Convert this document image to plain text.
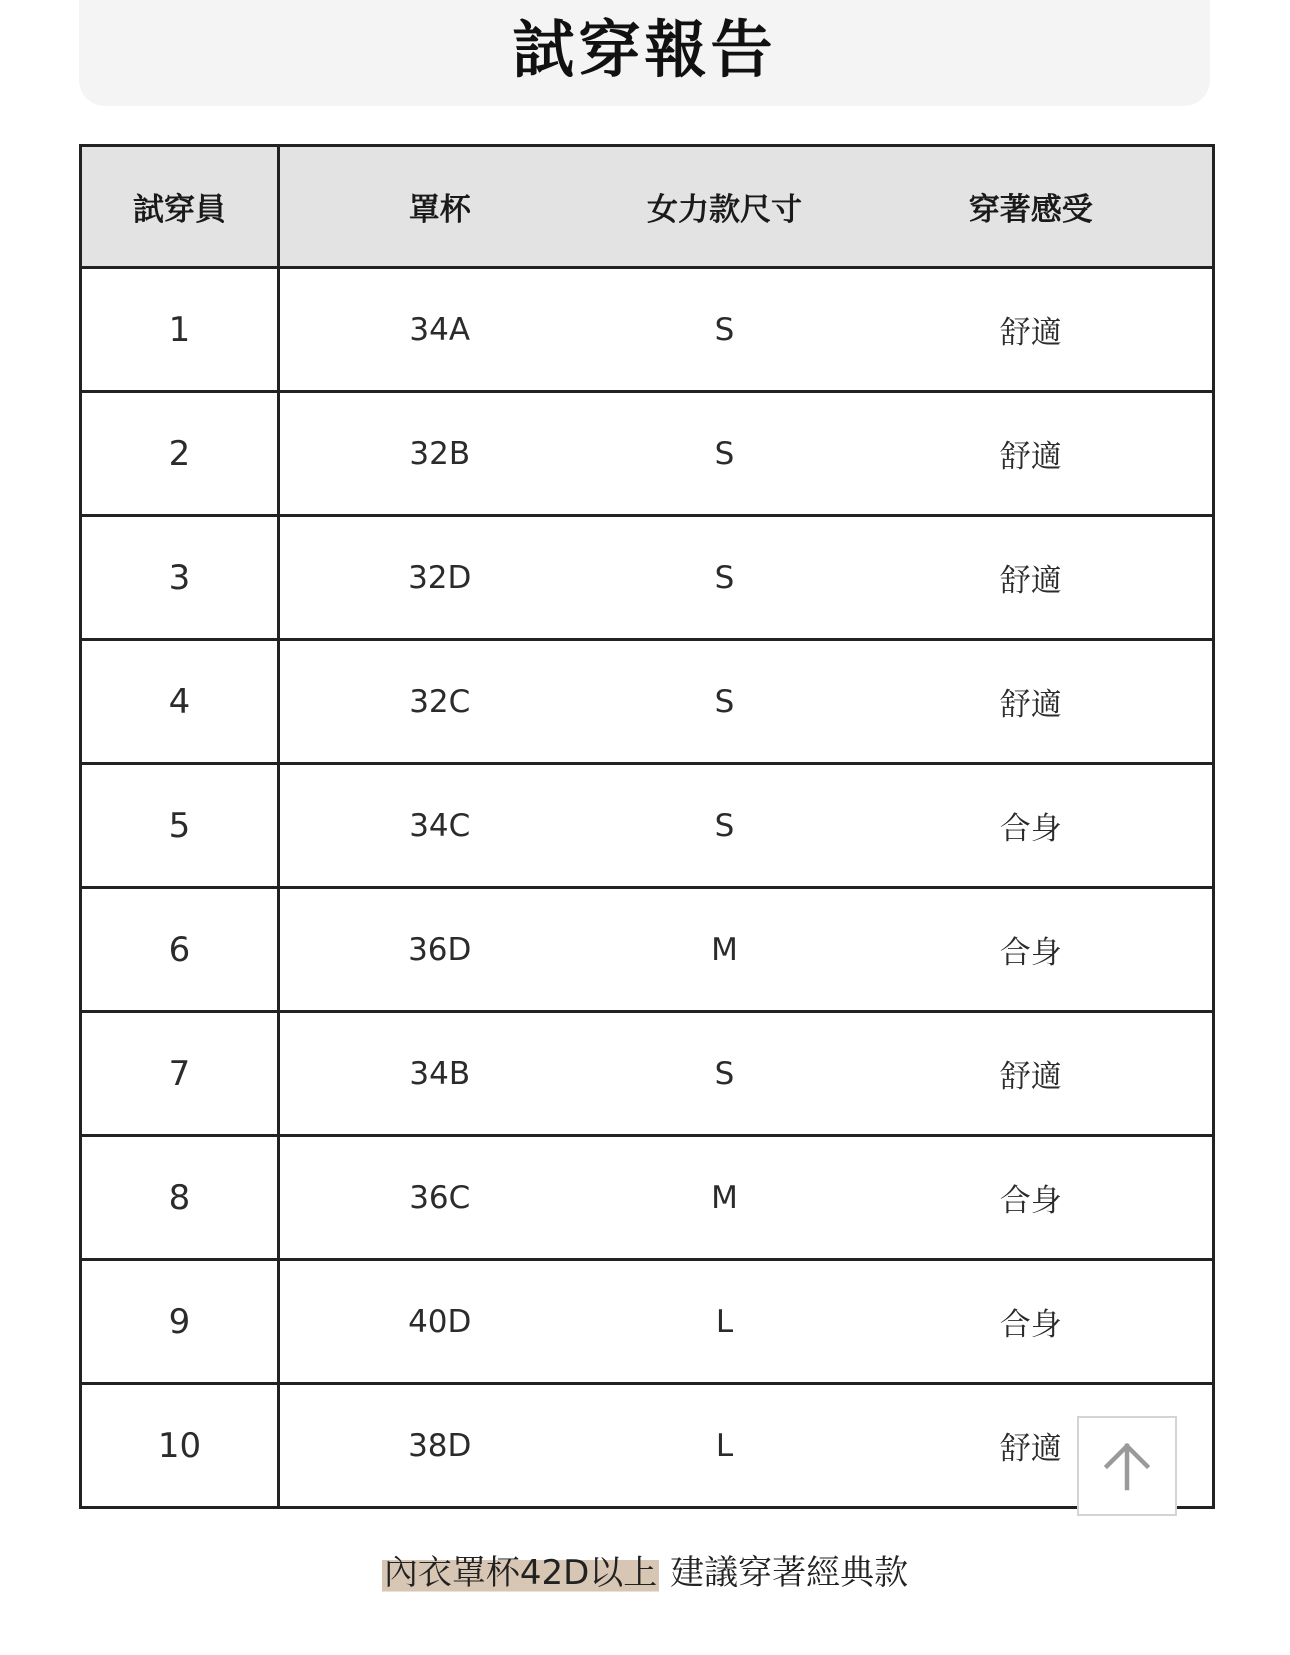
試穿報告
試穿員	罩杯	女力款尺寸	穿著感受
1	34A	S	舒適
2	32B	S	舒適
3	32D	S	舒適
4	32C	S	舒適
5	34C	S	合身
6	36D	M	合身
7	34B	S	舒適
8	36C	M	合身
9	40D	L	合身
10	38D	L	舒適
內衣罩杯42D以上 建議穿著經典款
